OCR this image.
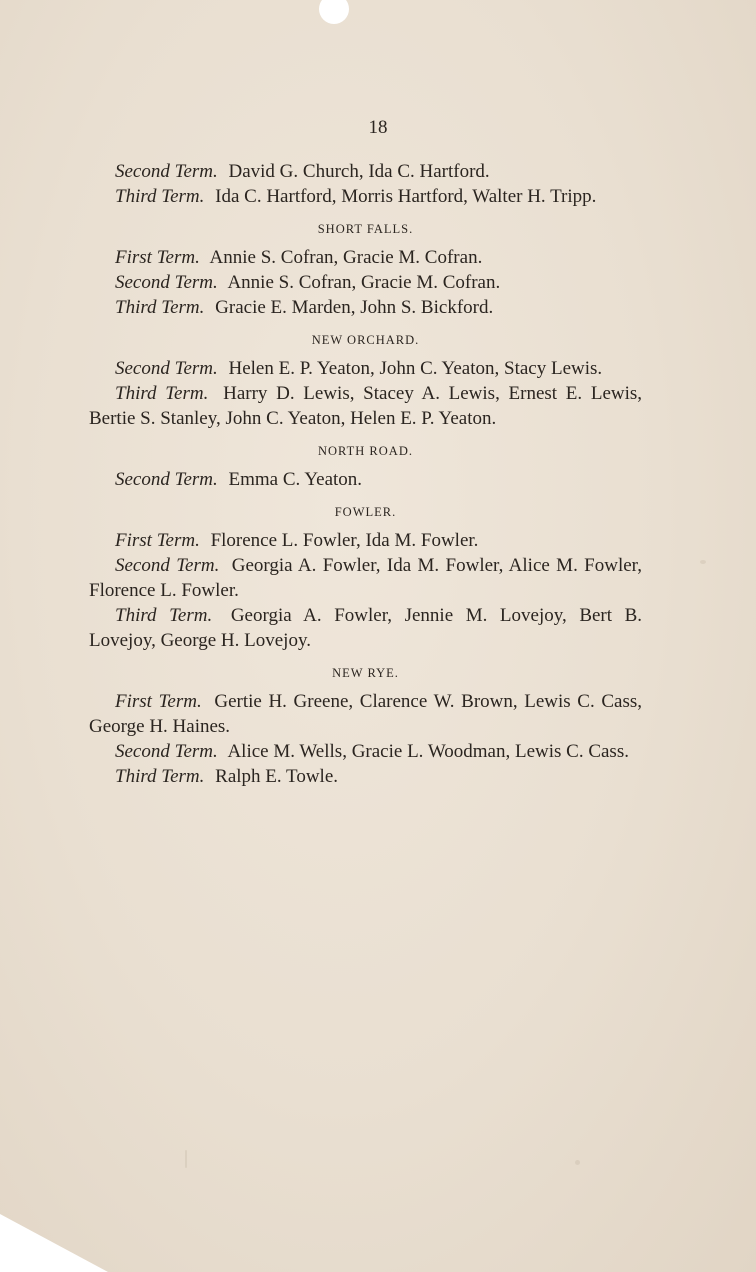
18

Second Term. David G. Church, Ida C. Hartford.

Third Term. Ida C. Hartford, Morris Hartford, Walter H. Tripp.

SHORT FALLS.

First Term. Annie S. Cofran, Gracie M. Cofran.

Second Term. Annie S. Cofran, Gracie M. Cofran.

Third Term. Gracie E. Marden, John S. Bickford.

NEW ORCHARD.

Second Term. Helen E. P. Yeaton, John C. Yeaton, Stacy Lewis.

Third Term. Harry D. Lewis, Stacey A. Lewis, Ernest E. Lewis, Bertie S. Stanley, John C. Yeaton, Helen E. P. Yeaton.

NORTH ROAD.

Second Term. Emma C. Yeaton.

FOWLER.

First Term. Florence L. Fowler, Ida M. Fowler.

Second Term. Georgia A. Fowler, Ida M. Fowler, Alice M. Fowler, Florence L. Fowler.

Third Term. Georgia A. Fowler, Jennie M. Lovejoy, Bert B. Lovejoy, George H. Lovejoy.

NEW RYE.

First Term. Gertie H. Greene, Clarence W. Brown, Lewis C. Cass, George H. Haines.

Second Term. Alice M. Wells, Gracie L. Woodman, Lewis C. Cass.

Third Term. Ralph E. Towle.
